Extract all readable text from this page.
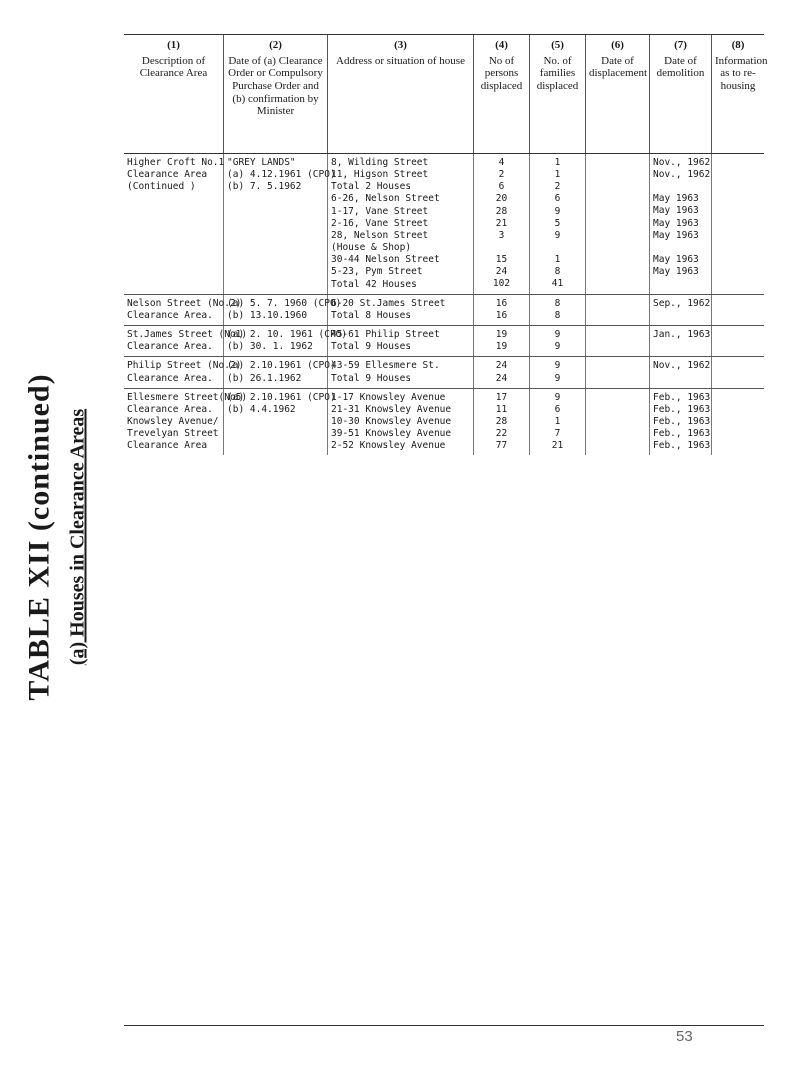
TABLE XII (continued) (a) Houses in Clearance Areas
(1)
Description of Clearance Area
(2)
Date of (a) Clearance Order or Compulsory Purchase Order and (b) confirmation by Minister
(3)
Address or situation of house
(4)
No of persons displaced
(5)
No. of families displaced
(6)
Date of displacement
(7)
Date of demolition
(8)
Information as to re-housing
Higher Croft No.1
Clearance Area
(Continued )
"GREY LANDS"
(a) 4.12.1961 (CPO)
(b) 7. 5.1962
8, Wilding Street
11, Higson Street
Total 2 Houses
6-26, Nelson Street
1-17, Vane Street
2-16, Vane Street
28, Nelson Street
(House & Shop)
30-44 Nelson Street
5-23, Pym Street
Total 42 Houses
4
2
6
20
28
21
3
15
24
102
1
1
2
6
9
5
9
1
8
41
Nov., 1962
Nov., 1962
May 1963
May 1963
May 1963
May 1963
May 1963
May 1963
Nelson Street (No.2)
Clearance Area.
(a) 5. 7. 1960 (CPO)
(b) 13.10.1960
6-20 St.James Street
Total 8 Houses
16
16
8
8
Sep., 1962
St.James Street (No1)
Clearance Area.
(a) 2. 10. 1961 (CPO)
(b) 30. 1. 1962
45-61 Philip Street
Total 9 Houses
19
19
9
9
Jan., 1963
Philip Street (No.2)
Clearance Area.
(a) 2.10.1961 (CPO)
(b) 26.1.1962
43-59 Ellesmere St.
Total 9 Houses
24
24
9
9
Nov., 1962
Ellesmere Street(No5)
Clearance Area.
Knowsley Avenue/
Trevelyan Street
Clearance Area
(a) 2.10.1961 (CPO)
(b) 4.4.1962
1-17 Knowsley Avenue
21-31 Knowsley Avenue
10-30 Knowsley Avenue
39-51 Knowsley Avenue
2-52 Knowsley Avenue
17
11
28
22
77
9
6
1
7
21
Feb., 1963
Feb., 1963
Feb., 1963
Feb., 1963
Feb., 1963
53
